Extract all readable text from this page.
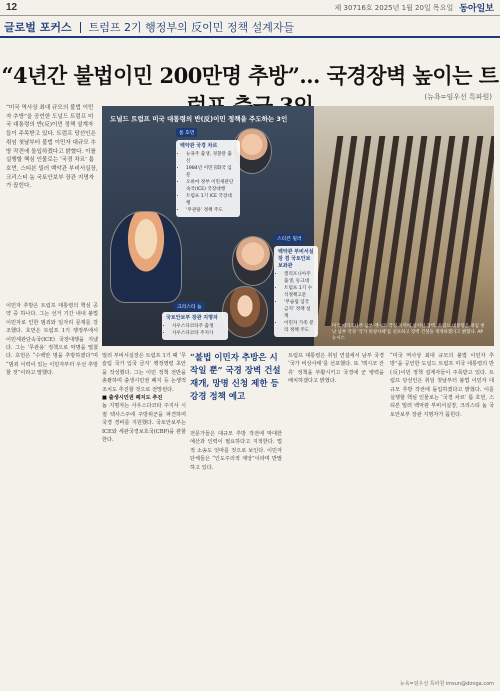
12	제 30716호 2025년 1월 20일 목요일 동아일보
글로벌 포커스 트럼프 2기 행정부의 反이민 정책 설계자들
“4년간 불법이민 200만명 추방”… 국경장벽 높이는 트
(뉴욕=임우선 특파원)
“미국 역사상 최대 규모의 불법 이민자 추방”을 공언한 도널드 트럼프 미국 대통령의 반(反)이민 정책 설계자들이 주목받고 있다. 트럼프 당선인은 취임 첫날부터 불법 이민자 대규모 추방 작전에 돌입하겠다고 밝혔다. 이를 실행할 핵심 인물로는 ‘국경 차르’ 톰 호먼, 스티븐 밀러 백악관 부비서실장, 크리스티 놈 국토안보부 장관 지명자가 꼽힌다.
도널드 트럼프 미국 대통령의 반(反)이민 정책을 주도하는 3인
톰 호먼
백악관 국경 차르
• 뉴욕주 출생, 경찰관 출신
• 1984년 이민귀화국 입문
• 오바마 정부 이민세관단속국(ICE) 국장대행
• 트럼프 1기 ICE 국장대행
• ‘무관용’ 정책 주도
스티븐 밀러
백악관 부비서실장 겸 국토안보보좌관
• 캘리포니아주 출생, 듀크대
• 트럼프 1기 수석정책고문
• ‘무슬림 입국 금지’ 정책 설계
• 이민자 가족 분리 정책 주도
크리스티 놈
국토안보부 장관 지명자
• 사우스다코타주 출생
• 사우스다코타 주지사
미국 애리조나주 남부 멕시코 국경 지역에 설치된 장벽. 트럼프 대통령은 취임 첫날 남부 국경 ‘국가 비상사태’를 선포하고 장벽 건설을 재개하겠다고 밝혔다. AP뉴시스
이민자 추방은 트럼프 대통령의 핵심 공약 중 하나다. 그는 선거 기간 내내 불법 이민자로 인한 범죄와 일자리 문제를 강조했다. 호먼은 트럼프 1기 행정부에서 이민세관단속국(ICE) 국장대행을 지냈다. 그는 ‘무관용’ 정책으로 악명을 떨쳤다. 호먼은 “수백만 명을 추방하겠다”며 “범죄 이력이 있는 이민자부터 우선 추방할 것”이라고 말했다.
밀러 부비서실장은 트럼프 1기 때 ‘무슬림 국가 입국 금지’ 행정명령 초안을 작성했다. 그는 이민 정책 전반을 총괄하며 출생시민권 폐지 등 논쟁적 조치도 추진할 것으로 전망된다.
■ 출생시민권 폐지도 추진
놈 지명자는 사우스다코타 주지사 시절 텍사스주에 주방위군을 파견하며 국경 경비를 지원했다. 국토안보부는 ICE와 세관국경보호국(CBP)을 관할한다.
“불법 이민자 추방은 시작일 뿐” 국경 장벽 건설 재개, 망명 신청 제한 등 강경 정책 예고
전문가들은 대규모 추방 작전에 막대한 예산과 인력이 필요하다고 지적한다. 법적 소송도 잇따를 것으로 보인다. 이민자 단체들은 “인도주의적 재앙”이라며 반발하고 있다.
트럼프 대통령은 취임 연설에서 남부 국경 ‘국가 비상사태’를 선포했다. 또 ‘멕시코 잔류’ 정책을 부활시키고 국경에 군 병력을 배치하겠다고 밝혔다.
“미국 역사상 최대 규모의 불법 이민자 추방”을 공언한 도널드 트럼프 미국 대통령의 반(反)이민 정책 설계자들이 주목받고 있다. 트럼프 당선인은 취임 첫날부터 불법 이민자 대규모 추방 작전에 돌입하겠다고 밝혔다. 이를 실행할 핵심 인물로는 ‘국경 차르’ 톰 호먼, 스티븐 밀러 백악관 부비서실장, 크리스티 놈 국토안보부 장관 지명자가 꼽힌다.
뉴욕=임우선 특파원 imsun@donga.com
